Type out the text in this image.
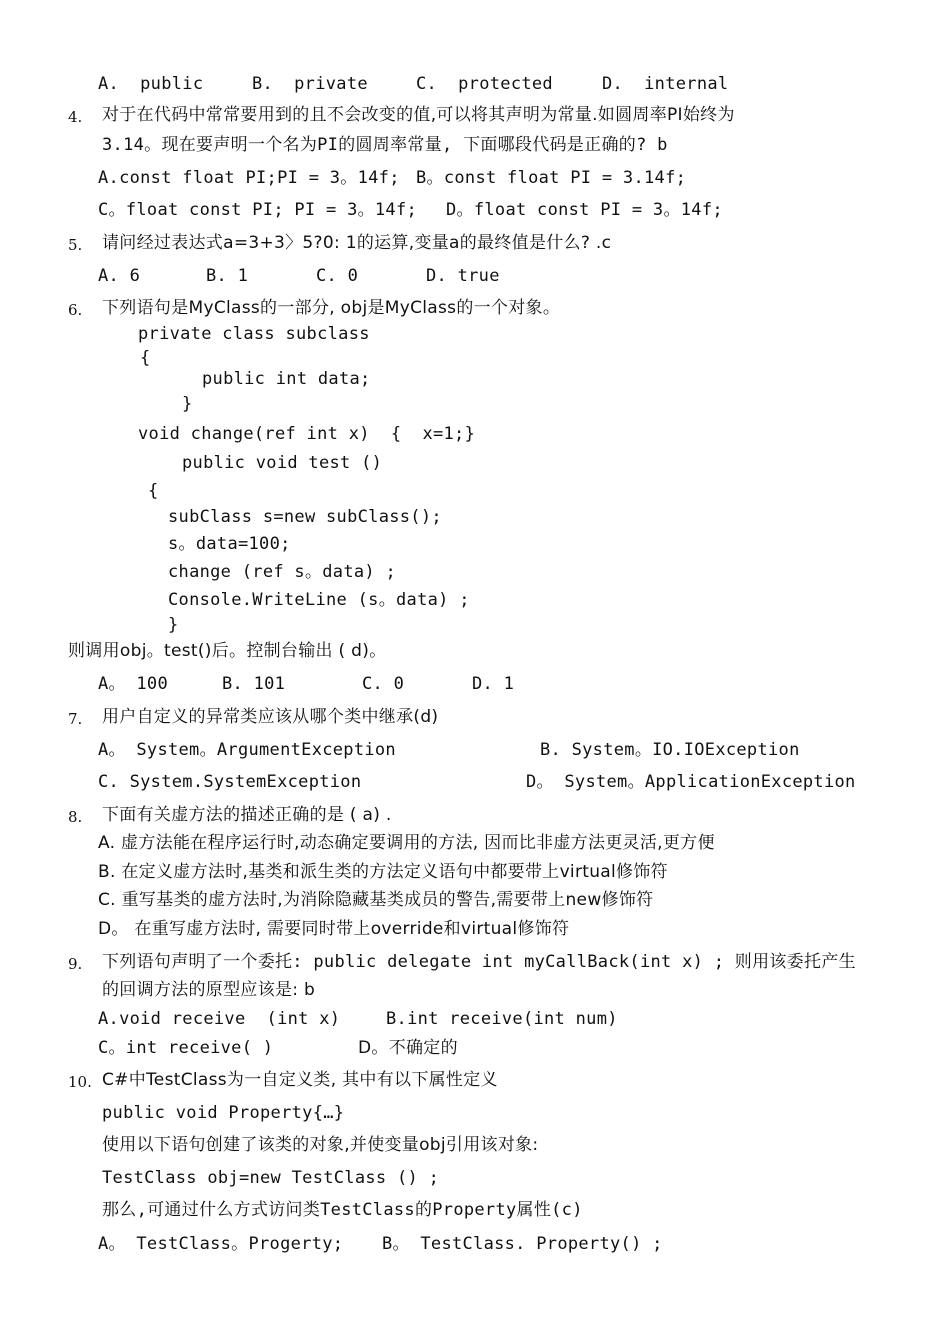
A.  public	B.  private	C.  protected	D.  internal
4. 对于在代码中常常要用到的且不会改变的值,可以将其声明为常量.如圆周率PI始终为
3.14。现在要声明一个名为PI的圆周率常量, 下面哪段代码是正确的? b
A.const float PI;PI = 3。14f; B。const float PI = 3.14f;
C。float const PI; PI = 3。14f; D。float const PI = 3。14f;
5. 请问经过表达式a=3+3〉5?0: 1的运算,变量a的最终值是什么? .c
A. 6	B. 1	C. 0	D. true
6. 下列语句是MyClass的一部分, obj是MyClass的一个对象。
private class subclass
{
public int data;
}
void change(ref int x)  {  x=1;}
public void test ()
{
subClass s=new subClass();
s。data=100;
change (ref s。data) ;
Console.WriteLine (s。data) ;
}
则调用obj。test()后。控制台输出 ( d)。
A。 100	B. 101	C. 0	D. 1
7. 用户自定义的异常类应该从哪个类中继承(d)
A。 System。ArgumentException	B. System。IO.IOException
C. System.SystemException	D。 System。ApplicationException
8. 下面有关虚方法的描述正确的是 ( a) .
A. 虚方法能在程序运行时,动态确定要调用的方法, 因而比非虚方法更灵活,更方便
B. 在定义虚方法时,基类和派生类的方法定义语句中都要带上virtual修饰符
C. 重写基类的虚方法时,为消除隐藏基类成员的警告,需要带上new修饰符
D。 在重写虚方法时, 需要同时带上override和virtual修饰符
9. 下列语句声明了一个委托: public delegate int myCallBack(int x) ; 则用该委托产生
的回调方法的原型应该是: b
A.void receive  (int x)	B.int receive(int num)
C。int receive( )	D。不确定的
10. C#中TestClass为一自定义类, 其中有以下属性定义
public void Property{…}
使用以下语句创建了该类的对象,并使变量obj引用该对象:
TestClass obj=new TestClass () ;
那么,可通过什么方式访问类TestClass的Property属性(c)
A。 TestClass。Progerty; B。 TestClass. Property() ;
